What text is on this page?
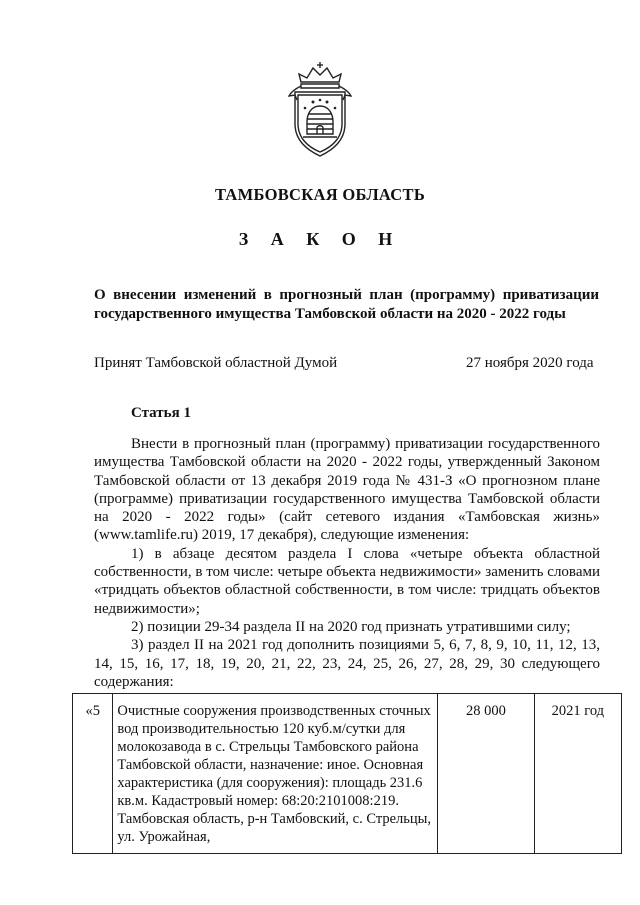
ТАМБОВСКАЯ ОБЛАСТЬ
З А К О Н
О внесении изменений в прогнозный план (программу) приватизации государственного имущества Тамбовской области на 2020 - 2022 годы
Принят Тамбовской областной Думой	27 ноября 2020 года
Статья 1

Внести в прогнозный план (программу) приватизации государственного имущества Тамбовской области на 2020 - 2022 годы, утвержденный Законом Тамбовской области от 13 декабря 2019 года № 431-З «О прогнозном плане (программе) приватизации государственного имущества Тамбовской области на 2020 - 2022 годы» (сайт сетевого издания «Тамбовская жизнь» (www.tamlife.ru) 2019, 17 декабря), следующие изменения:

1) в абзаце десятом раздела I слова «четыре объекта областной собственности, в том числе: четыре объекта недвижимости» заменить словами «тридцать объектов областной собственности, в том числе: тридцать объектов недвижимости»;

2) позиции 29-34 раздела II на 2020 год признать утратившими силу;

3) раздел II на 2021 год дополнить позициями 5, 6, 7, 8, 9, 10, 11, 12, 13, 14, 15, 16, 17, 18, 19, 20, 21, 22, 23, 24, 25, 26, 27, 28, 29, 30 следующего содержания:

«5	Очистные сооружения производственных сточных вод производительностью 120 куб.м/сутки для молокозавода в с. Стрельцы Тамбовского района Тамбовской области, назначение: иное. Основная характеристика (для сооружения): площадь 231.6 кв.м. Кадастровый номер: 68:20:2101008:219. Тамбовская область, р-н Тамбовский, с. Стрельцы, ул. Урожайная,	28 000	2021 год
